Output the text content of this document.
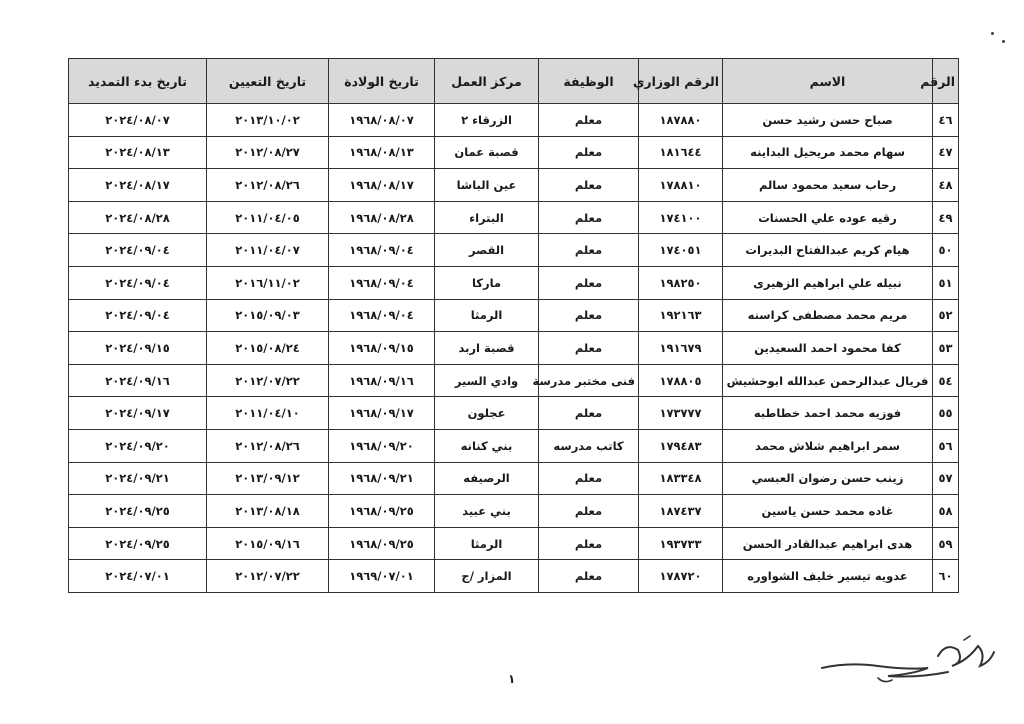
الرقم	الاسم	الرقم الوزاري	الوظيفة	مركز العمل	تاريخ الولادة	تاريخ التعيين	تاريخ بدء التمديد
٤٦	صباح حسن رشيد حسن	١٨٧٨٨٠	معلم	الزرقاء ٢	١٩٦٨/٠٨/٠٧	٢٠١٣/١٠/٠٢	٢٠٢٤/٠٨/٠٧
٤٧	سهام محمد مريحيل البداينه	١٨١٦٤٤	معلم	قصبة عمان	١٩٦٨/٠٨/١٣	٢٠١٢/٠٨/٢٧	٢٠٢٤/٠٨/١٣
٤٨	رحاب سعيد محمود سالم	١٧٨٨١٠	معلم	عين الباشا	١٩٦٨/٠٨/١٧	٢٠١٢/٠٨/٢٦	٢٠٢٤/٠٨/١٧
٤٩	رقيه عوده علي الحسنات	١٧٤١٠٠	معلم	البتراء	١٩٦٨/٠٨/٢٨	٢٠١١/٠٤/٠٥	٢٠٢٤/٠٨/٢٨
٥٠	هيام كريم عبدالفتاح البديرات	١٧٤٠٥١	معلم	القصر	١٩٦٨/٠٩/٠٤	٢٠١١/٠٤/٠٧	٢٠٢٤/٠٩/٠٤
٥١	نبيله علي ابراهيم الزهيرى	١٩٨٢٥٠	معلم	ماركا	١٩٦٨/٠٩/٠٤	٢٠١٦/١١/٠٢	٢٠٢٤/٠٩/٠٤
٥٢	مريم محمد مصطفى كراسنه	١٩٢١٦٣	معلم	الرمثا	١٩٦٨/٠٩/٠٤	٢٠١٥/٠٩/٠٣	٢٠٢٤/٠٩/٠٤
٥٣	كفا محمود احمد السعيدين	١٩١٦٧٩	معلم	قصبة اربد	١٩٦٨/٠٩/١٥	٢٠١٥/٠٨/٢٤	٢٠٢٤/٠٩/١٥
٥٤	فريال عبدالرحمن عبدالله ابوحشيش	١٧٨٨٠٥	فنى مختبر مدرسة	وادي السير	١٩٦٨/٠٩/١٦	٢٠١٢/٠٧/٢٢	٢٠٢٤/٠٩/١٦
٥٥	فوزيه محمد احمد خطاطبه	١٧٣٧٧٧	معلم	عجلون	١٩٦٨/٠٩/١٧	٢٠١١/٠٤/١٠	٢٠٢٤/٠٩/١٧
٥٦	سمر ابراهيم شلاش محمد	١٧٩٤٨٣	كاتب مدرسه	بني كنانه	١٩٦٨/٠٩/٢٠	٢٠١٢/٠٨/٢٦	٢٠٢٤/٠٩/٢٠
٥٧	زينب حسن رضوان العبسي	١٨٣٣٤٨	معلم	الرصيفه	١٩٦٨/٠٩/٢١	٢٠١٣/٠٩/١٢	٢٠٢٤/٠٩/٢١
٥٨	غاده محمد حسن ياسين	١٨٧٤٣٧	معلم	بني عبيد	١٩٦٨/٠٩/٢٥	٢٠١٣/٠٨/١٨	٢٠٢٤/٠٩/٢٥
٥٩	هدى ابراهيم عبدالقادر الحسن	١٩٣٧٣٣	معلم	الرمثا	١٩٦٨/٠٩/٢٥	٢٠١٥/٠٩/١٦	٢٠٢٤/٠٩/٢٥
٦٠	عدويه تيسير خليف الشواوره	١٧٨٧٢٠	معلم	المزار /ج	١٩٦٩/٠٧/٠١	٢٠١٢/٠٧/٢٢	٢٠٢٤/٠٧/٠١
١
